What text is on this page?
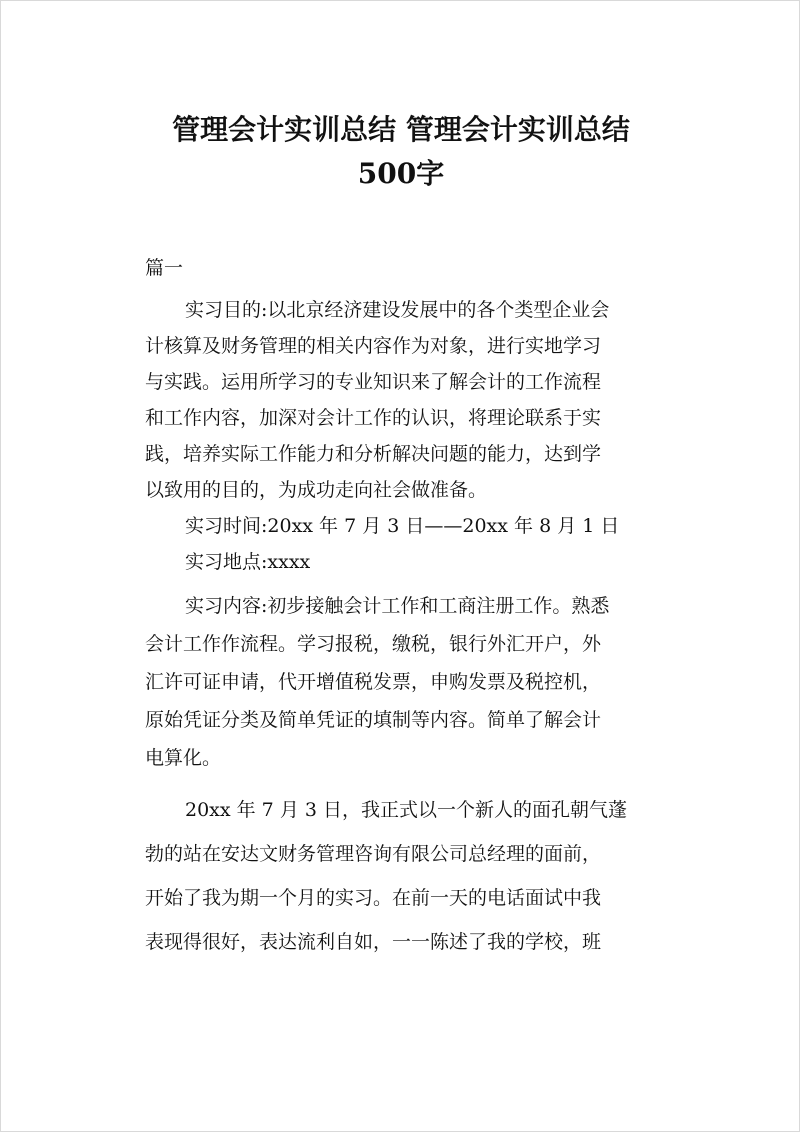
管理会计实训总结 管理会计实训总结
500字

篇一

实习目的:以北京经济建设发展中的各个类型企业会

计核算及财务管理的相关内容作为对象，进行实地学习

与实践。运用所学习的专业知识来了解会计的工作流程

和工作内容，加深对会计工作的认识，将理论联系于实

践，培养实际工作能力和分析解决问题的能力，达到学

以致用的目的，为成功走向社会做准备。

实习时间:20xx 年 7 月 3 日——20xx 年 8 月 1 日

实习地点:xxxx

实习内容:初步接触会计工作和工商注册工作。熟悉

会计工作作流程。学习报税，缴税，银行外汇开户，外

汇许可证申请，代开增值税发票，申购发票及税控机，

原始凭证分类及简单凭证的填制等内容。简单了解会计

电算化。

20xx 年 7 月 3 日，我正式以一个新人的面孔朝气蓬

勃的站在安达文财务管理咨询有限公司总经理的面前，

开始了我为期一个月的实习。在前一天的电话面试中我

表现得很好，表达流利自如，一一陈述了我的学校，班
